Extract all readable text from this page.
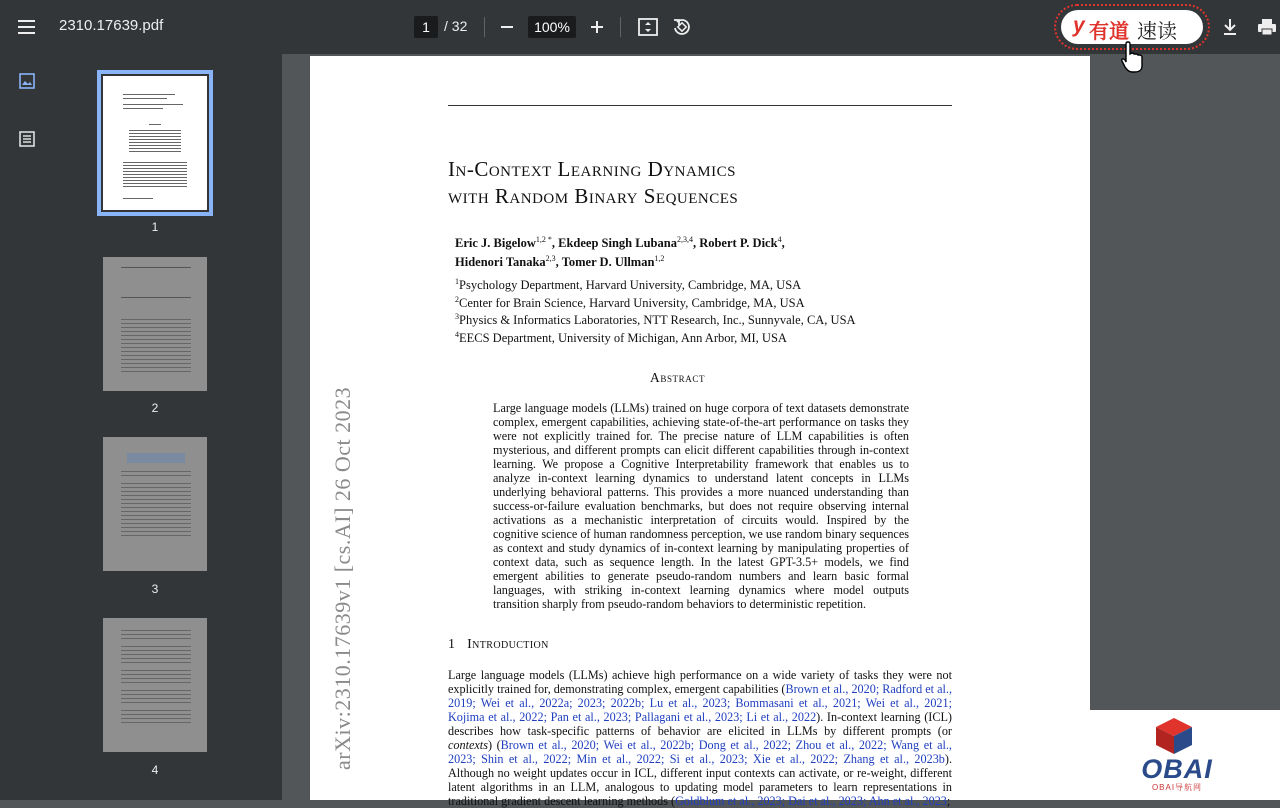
2310.17639.pdf	1	/ 32	100%	y 有道 速读
1
2
3
4
In-Context Learning Dynamics
with Random Binary Sequences
Eric J. Bigelow$^{1,2 *}$, Ekdeep Singh Lubana$^{2,3,4}$, Robert P. Dick$^4$,
Hidenori Tanaka$^{2,3}$, Tomer D. Ullman$^{1,2}$
$^1$Psychology Department, Harvard University, Cambridge, MA, USA
$^2$Center for Brain Science, Harvard University, Cambridge, MA, USA
$^3$Physics & Informatics Laboratories, NTT Research, Inc., Sunnyvale, CA, USA
$^4$EECS Department, University of Michigan, Ann Arbor, MI, USA
Abstract
Large language models (LLMs) trained on huge corpora of text datasets demonstrate complex, emergent capabilities, achieving state-of-the-art performance on tasks they were not explicitly trained for. The precise nature of LLM capabilities is often mysterious, and different prompts can elicit different capabilities through in-context learning. We propose a Cognitive Interpretability framework that enables us to analyze in-context learning dynamics to understand latent concepts in LLMs underlying behavioral patterns. This provides a more nuanced understanding than success-or-failure evaluation benchmarks, but does not require observing internal activations as a mechanistic interpretation of circuits would. Inspired by the cognitive science of human randomness perception, we use random binary sequences as context and study dynamics of in-context learning by manipulating properties of context data, such as sequence length. In the latest GPT-3.5+ models, we find emergent abilities to generate pseudo-random numbers and learn basic formal languages, with striking in-context learning dynamics where model outputs transition sharply from pseudo-random behaviors to deterministic repetition.
1 Introduction
Large language models (LLMs) achieve high performance on a wide variety of tasks they were not explicitly trained for, demonstrating complex, emergent capabilities (Brown et al., 2020; Radford et al., 2019; Wei et al., 2022a; 2023; 2022b; Lu et al., 2023; Bommasani et al., 2021; Wei et al., 2021; Kojima et al., 2022; Pan et al., 2023; Pallagani et al., 2023; Li et al., 2022). In-context learning (ICL) describes how task-specific patterns of behavior are elicited in LLMs by different prompts (or contexts) (Brown et al., 2020; Wei et al., 2022b; Dong et al., 2022; Zhou et al., 2022; Wang et al., 2023; Shin et al., 2022; Min et al., 2022; Si et al., 2023; Xie et al., 2022; Zhang et al., 2023b). Although no weight updates occur in ICL, different input contexts can activate, or re-weight, different latent algorithms in an LLM, analogous to updating model parameters to learn representations in traditional gradient descent learning methods (Goldblum et al., 2023; Dai et al., 2023; Ahn et al., 2023;
arXiv:2310.17639v1 [cs.AI] 26 Oct 2023	OBAI
OBAI导航网
